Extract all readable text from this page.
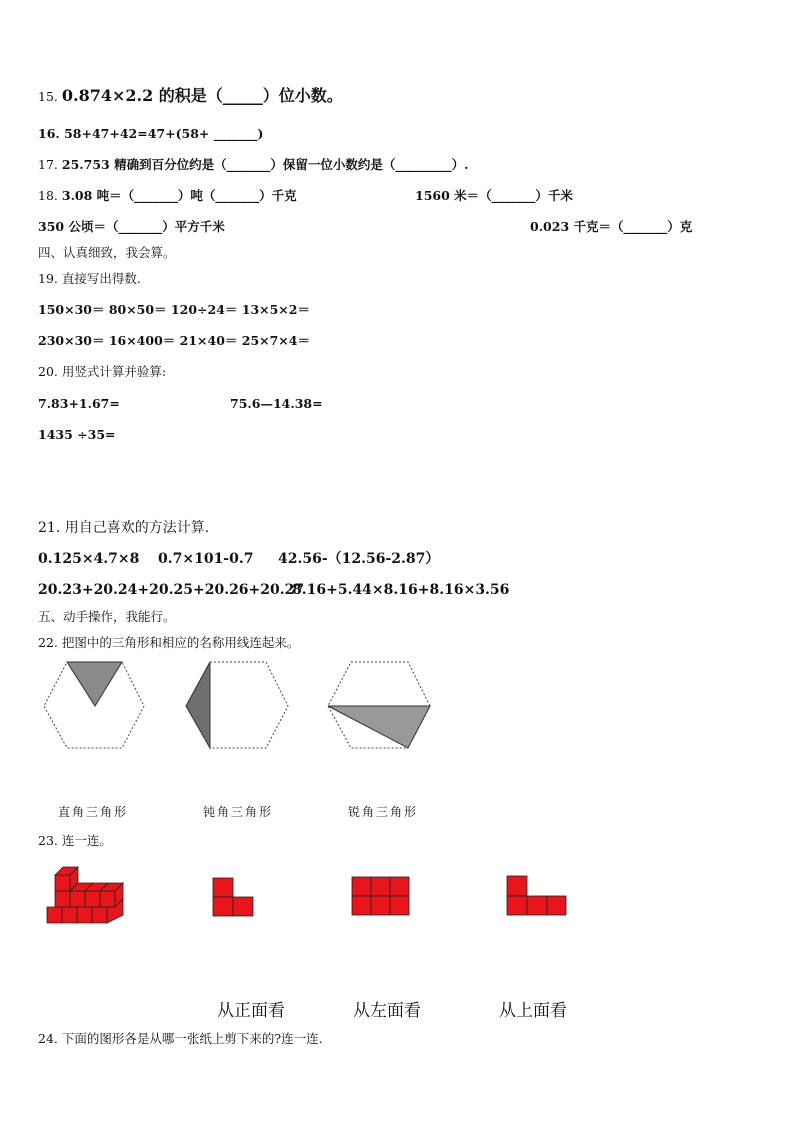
15. 0.874×2.2 的积是（_____）位小数。
16. 58+47+42=47+(58+ _______)
17. 25.753 精确到百分位约是（_______）保留一位小数约是（_________）.
18. 3.08 吨＝（_______）吨（_______）千克	1560 米＝（_______）千米
350 公顷＝（_______）平方千米	0.023 千克＝（_______）克
四、认真细致，我会算。
19. 直接写出得数.
150×30＝ 80×50＝ 120÷24＝ 13×5×2＝
230×30＝ 16×400＝ 21×40＝ 25×7×4＝
20. 用竖式计算并验算:
7.83+1.67=	75.6—14.38=
1435 ÷35=
21. 用自己喜欢的方法计算.
0.125×4.7×8 0.7×101-0.7 42.56-（12.56-2.87）
20.23+20.24+20.25+20.26+20.27
8.16+5.44×8.16+8.16×3.56
五、动手操作，我能行。
22. 把图中的三角形和相应的名称用线连起来。
直角三角形	钝角三角形	锐角三角形
23. 连一连。
从正面看	从左面看	从上面看
24. 下面的图形各是从哪一张纸上剪下来的?连一连.
